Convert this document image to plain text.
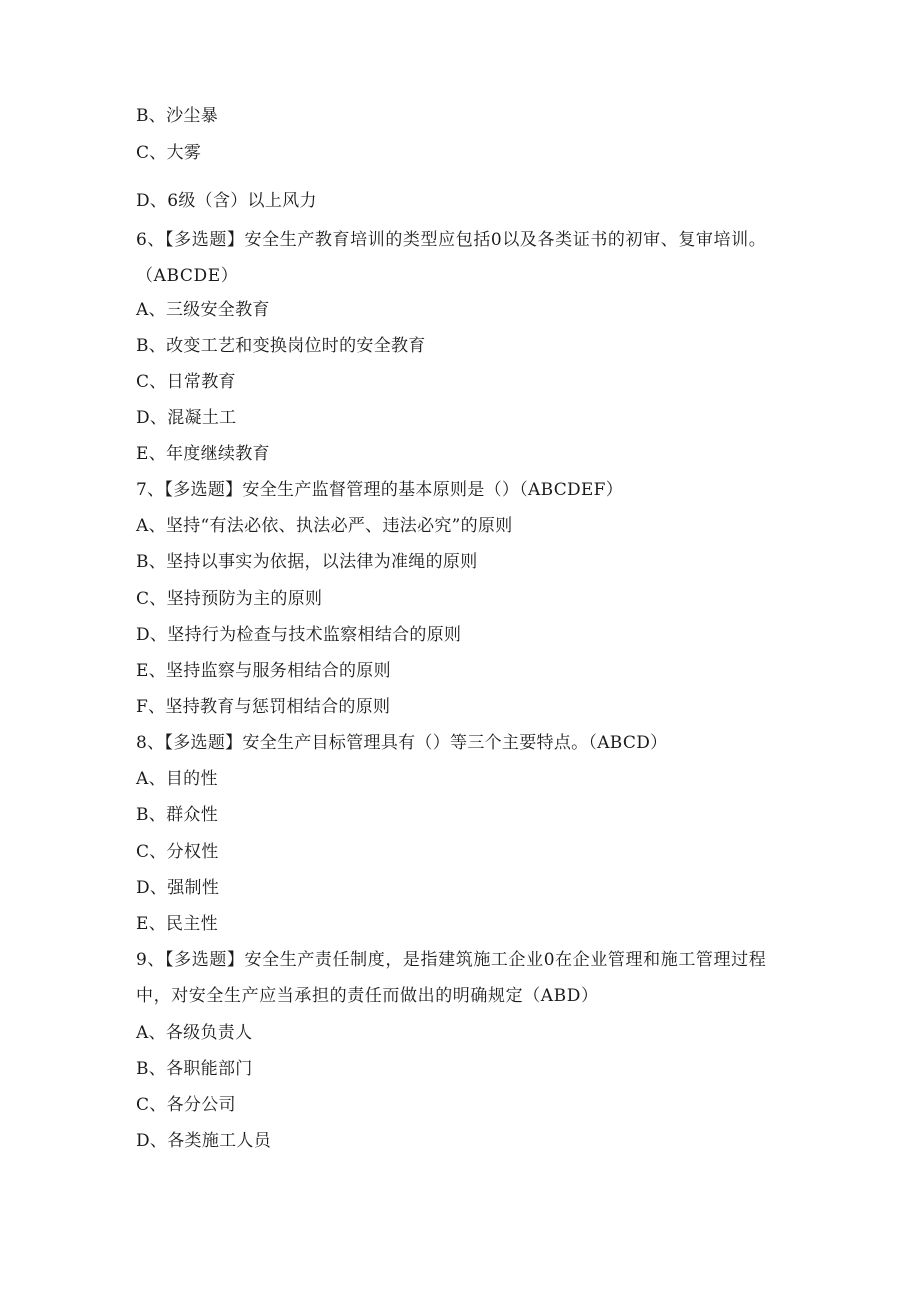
B、沙尘暴
C、大雾
D、6级（含）以上风力
6、【多选题】安全生产教育培训的类型应包括0以及各类证书的初审、复审培训。（ABCDE）
A、三级安全教育
B、改变工艺和变换岗位时的安全教育
C、日常教育
D、混凝土工
E、年度继续教育
7、【多选题】安全生产监督管理的基本原则是（）（ABCDEF）
A、坚持“有法必依、执法必严、违法必究”的原则
B、坚持以事实为依据，以法律为准绳的原则
C、坚持预防为主的原则
D、坚持行为检查与技术监察相结合的原则
E、坚持监察与服务相结合的原则
F、坚持教育与惩罚相结合的原则
8、【多选题】安全生产目标管理具有（）等三个主要特点。（ABCD）
A、目的性
B、群众性
C、分权性
D、强制性
E、民主性
9、【多选题】安全生产责任制度，是指建筑施工企业0在企业管理和施工管理过程中，对安全生产应当承担的责任而做出的明确规定（ABD）
A、各级负责人
B、各职能部门
C、各分公司
D、各类施工人员
